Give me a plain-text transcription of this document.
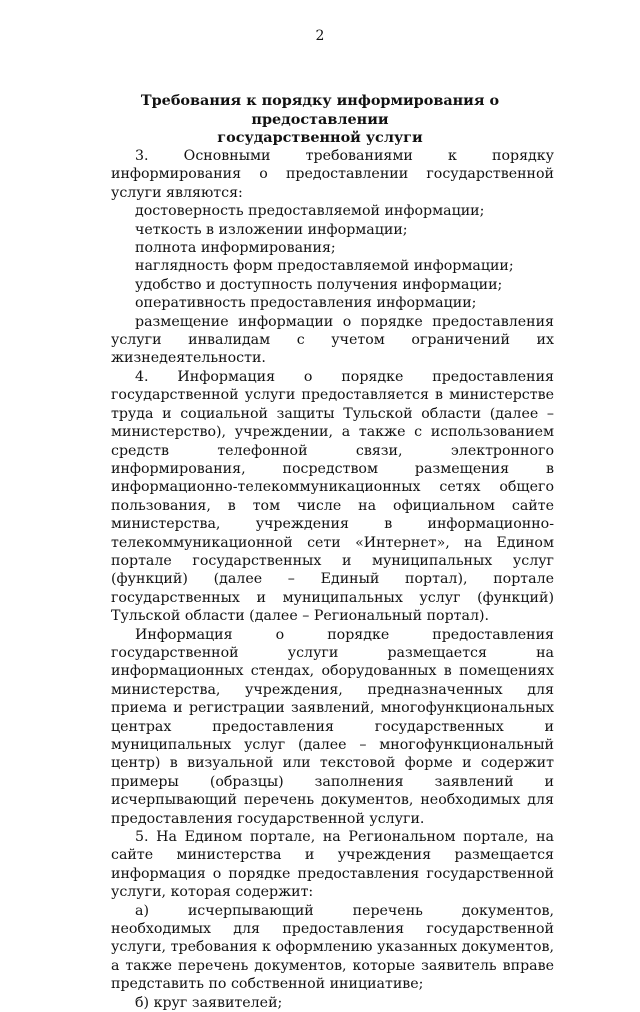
2
Требования к порядку информирования о предоставлении
государственной услуги

3. Основными требованиями к порядку информирования о предоставлении государственной услуги являются:

достоверность предоставляемой информации;

четкость в изложении информации;

полнота информирования;

наглядность форм предоставляемой информации;

удобство и доступность получения информации;

оперативность предоставления информации;

размещение информации о порядке предоставления услуги инвалидам с учетом ограничений их жизнедеятельности.

4. Информация о порядке предоставления государственной услуги предоставляется в министерстве труда и социальной защиты Тульской области (далее – министерство), учреждении, а также с использованием средств телефонной связи, электронного информирования, посредством размещения в информационно-телекоммуникационных сетях общего пользования, в том числе на официальном сайте министерства, учреждения в информационно-телекоммуникационной сети «Интернет», на Едином портале государственных и муниципальных услуг (функций) (далее – Единый портал), портале государственных и муниципальных услуг (функций) Тульской области (далее – Региональный портал).

Информация о порядке предоставления государственной услуги размещается на информационных стендах, оборудованных в помещениях министерства, учреждения, предназначенных для приема и регистрации заявлений, многофункциональных центрах предоставления государственных и муниципальных услуг (далее – многофункциональный центр) в визуальной или текстовой форме и содержит примеры (образцы) заполнения заявлений и исчерпывающий перечень документов, необходимых для предоставления государственной услуги.

5. На Едином портале, на Региональном портале, на сайте министерства и учреждения размещается информация о порядке предоставления государственной услуги, которая содержит:

а) исчерпывающий перечень документов, необходимых для предоставления государственной услуги, требования к оформлению указанных документов, а также перечень документов, которые заявитель вправе представить по собственной инициативе;

б) круг заявителей;
